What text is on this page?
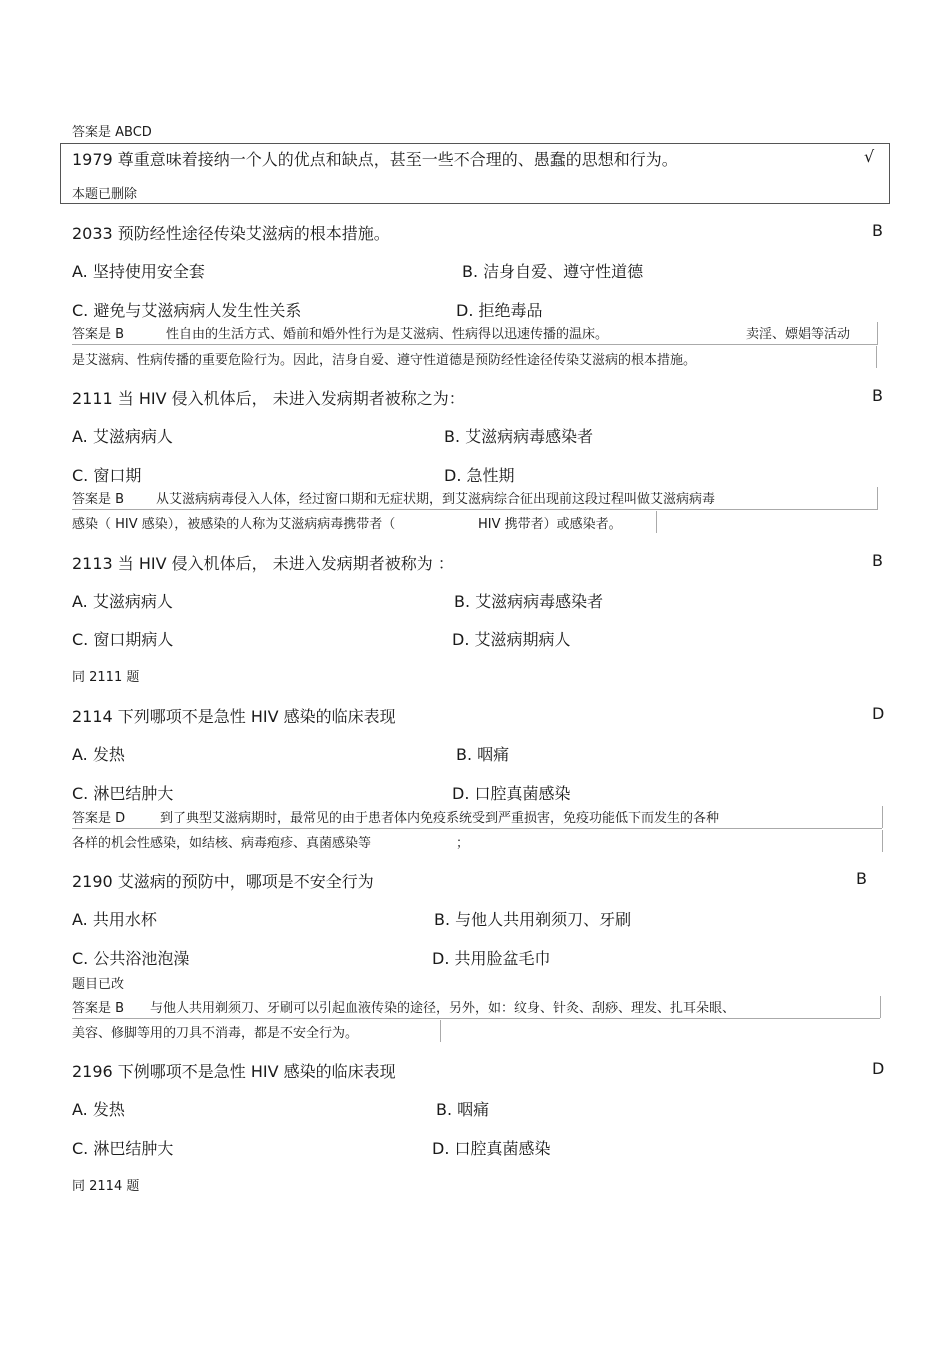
答案是 ABCD
1979 尊重意味着接纳一个人的优点和缺点，甚至一些不合理的、愚蠢的思想和行为。	√
本题已删除
2033 预防经性途径传染艾滋病的根本措施。	B
A. 坚持使用安全套	B. 洁身自爱、遵守性道德
C. 避免与艾滋病病人发生性关系	D. 拒绝毒品
答案是 B	性自由的生活方式、婚前和婚外性行为是艾滋病、性病得以迅速传播的温床。	卖淫、嫖娼等活动
是艾滋病、性病传播的重要危险行为。因此，洁身自爱、遵守性道德是预防经性途径传染艾滋病的根本措施。
2111 当 HIV 侵入机体后， 未进入发病期者被称之为：	B
A. 艾滋病病人	B. 艾滋病病毒感染者
C. 窗口期	D. 急性期
答案是 B 从艾滋病病毒侵入人体，经过窗口期和无症状期，到艾滋病综合征出现前这段过程叫做艾滋病病毒
感染（ HIV 感染），被感染的人称为艾滋病病毒携带者（	HIV 携带者）或感染者。
2113 当 HIV 侵入机体后， 未进入发病期者被称为 ：	B
A. 艾滋病病人	B. 艾滋病病毒感染者
C. 窗口期病人	D. 艾滋病期病人
同 2111 题
2114 下列哪项不是急性 HIV 感染的临床表现	D
A. 发热	B. 咽痛
C. 淋巴结肿大	D. 口腔真菌感染
答案是 D	到了典型艾滋病期时，最常见的由于患者体内免疫系统受到严重损害，免疫功能低下而发生的各种
各样的机会性感染，如结核、病毒疱疹、真菌感染等	；
2190 艾滋病的预防中，哪项是不安全行为	B
A. 共用水杯	B. 与他人共用剃须刀、牙刷
C. 公共浴池泡澡	D. 共用脸盆毛巾
题目已改
答案是 B 与他人共用剃须刀、牙刷可以引起血液传染的途径，另外，如：纹身、针灸、刮痧、理发、扎耳朵眼、
美容、修脚等用的刀具不消毒，都是不安全行为。
2196 下例哪项不是急性 HIV 感染的临床表现	D
A. 发热	B. 咽痛
C. 淋巴结肿大	D. 口腔真菌感染
同 2114 题
